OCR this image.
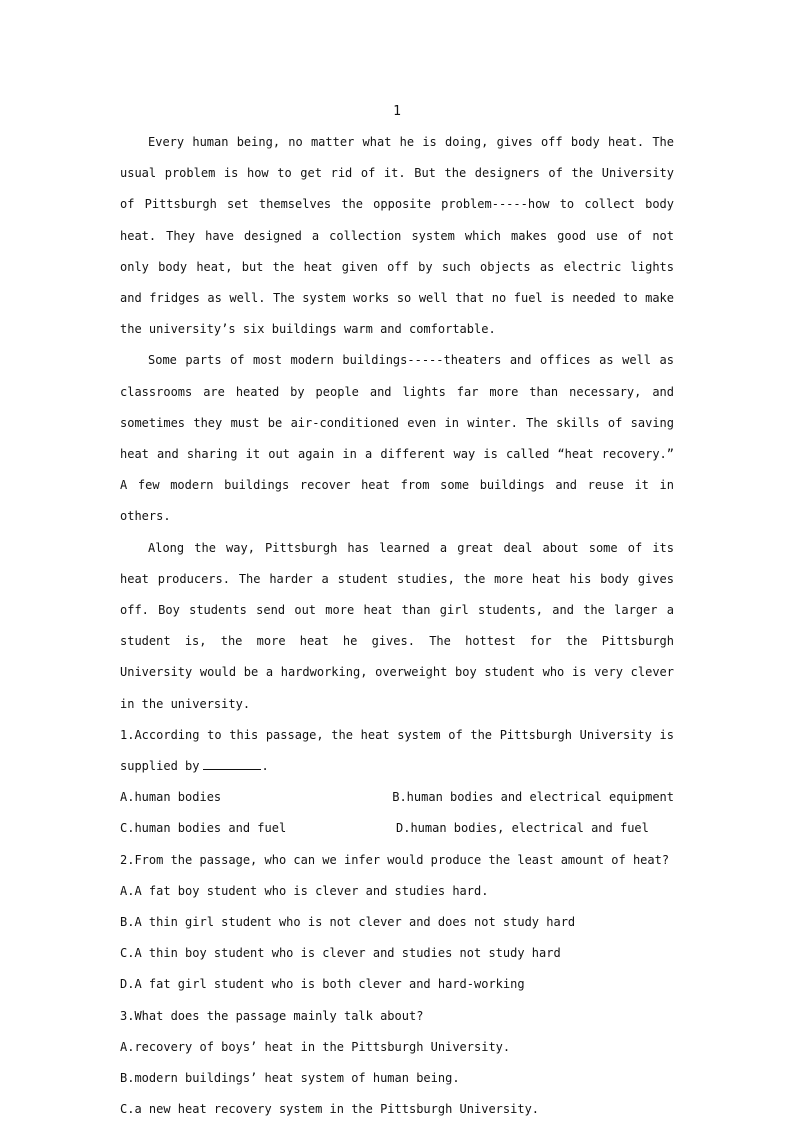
1

Every human being, no matter what he is doing, gives off body heat. The usual problem is how to get rid of it. But the designers of the University of Pittsburgh set themselves the opposite problem-----how to collect body heat. They have designed a collection system which makes good use of not only body heat, but the heat given off by such objects as electric lights and fridges as well. The system works so well that no fuel is needed to make the university’s six buildings warm and comfortable.

Some parts of most modern buildings-----theaters and offices as well as classrooms are heated by people and lights far more than necessary, and sometimes they must be air-conditioned even in winter. The skills of saving heat and sharing it out again in a different way is called “heat recovery.” A few modern buildings recover heat from some buildings and reuse it in others.

Along the way, Pittsburgh has learned a great deal about some of its heat producers. The harder a student studies, the more heat his body gives off. Boy students send out more heat than girl students, and the larger a student is, the more heat he gives. The hottest for the Pittsburgh University would be a hardworking, overweight boy student who is very clever in the university.

1.According to this passage, the heat system of the Pittsburgh University is supplied by	.

A.human bodies	B.human bodies and electrical equipment
C.human bodies and fuel	D.human bodies, electrical and fuel
2.From the passage, who can we infer would produce the least amount of heat?
A.A fat boy student who is clever and studies hard.
B.A thin girl student who is not clever and does not study hard
C.A thin boy student who is clever and studies not study hard
D.A fat girl student who is both clever and hard-working
3.What does the passage mainly talk about?
A.recovery of boys’ heat in the Pittsburgh University.
B.modern buildings’ heat system of human being.
C.a new heat recovery system in the Pittsburgh University.
